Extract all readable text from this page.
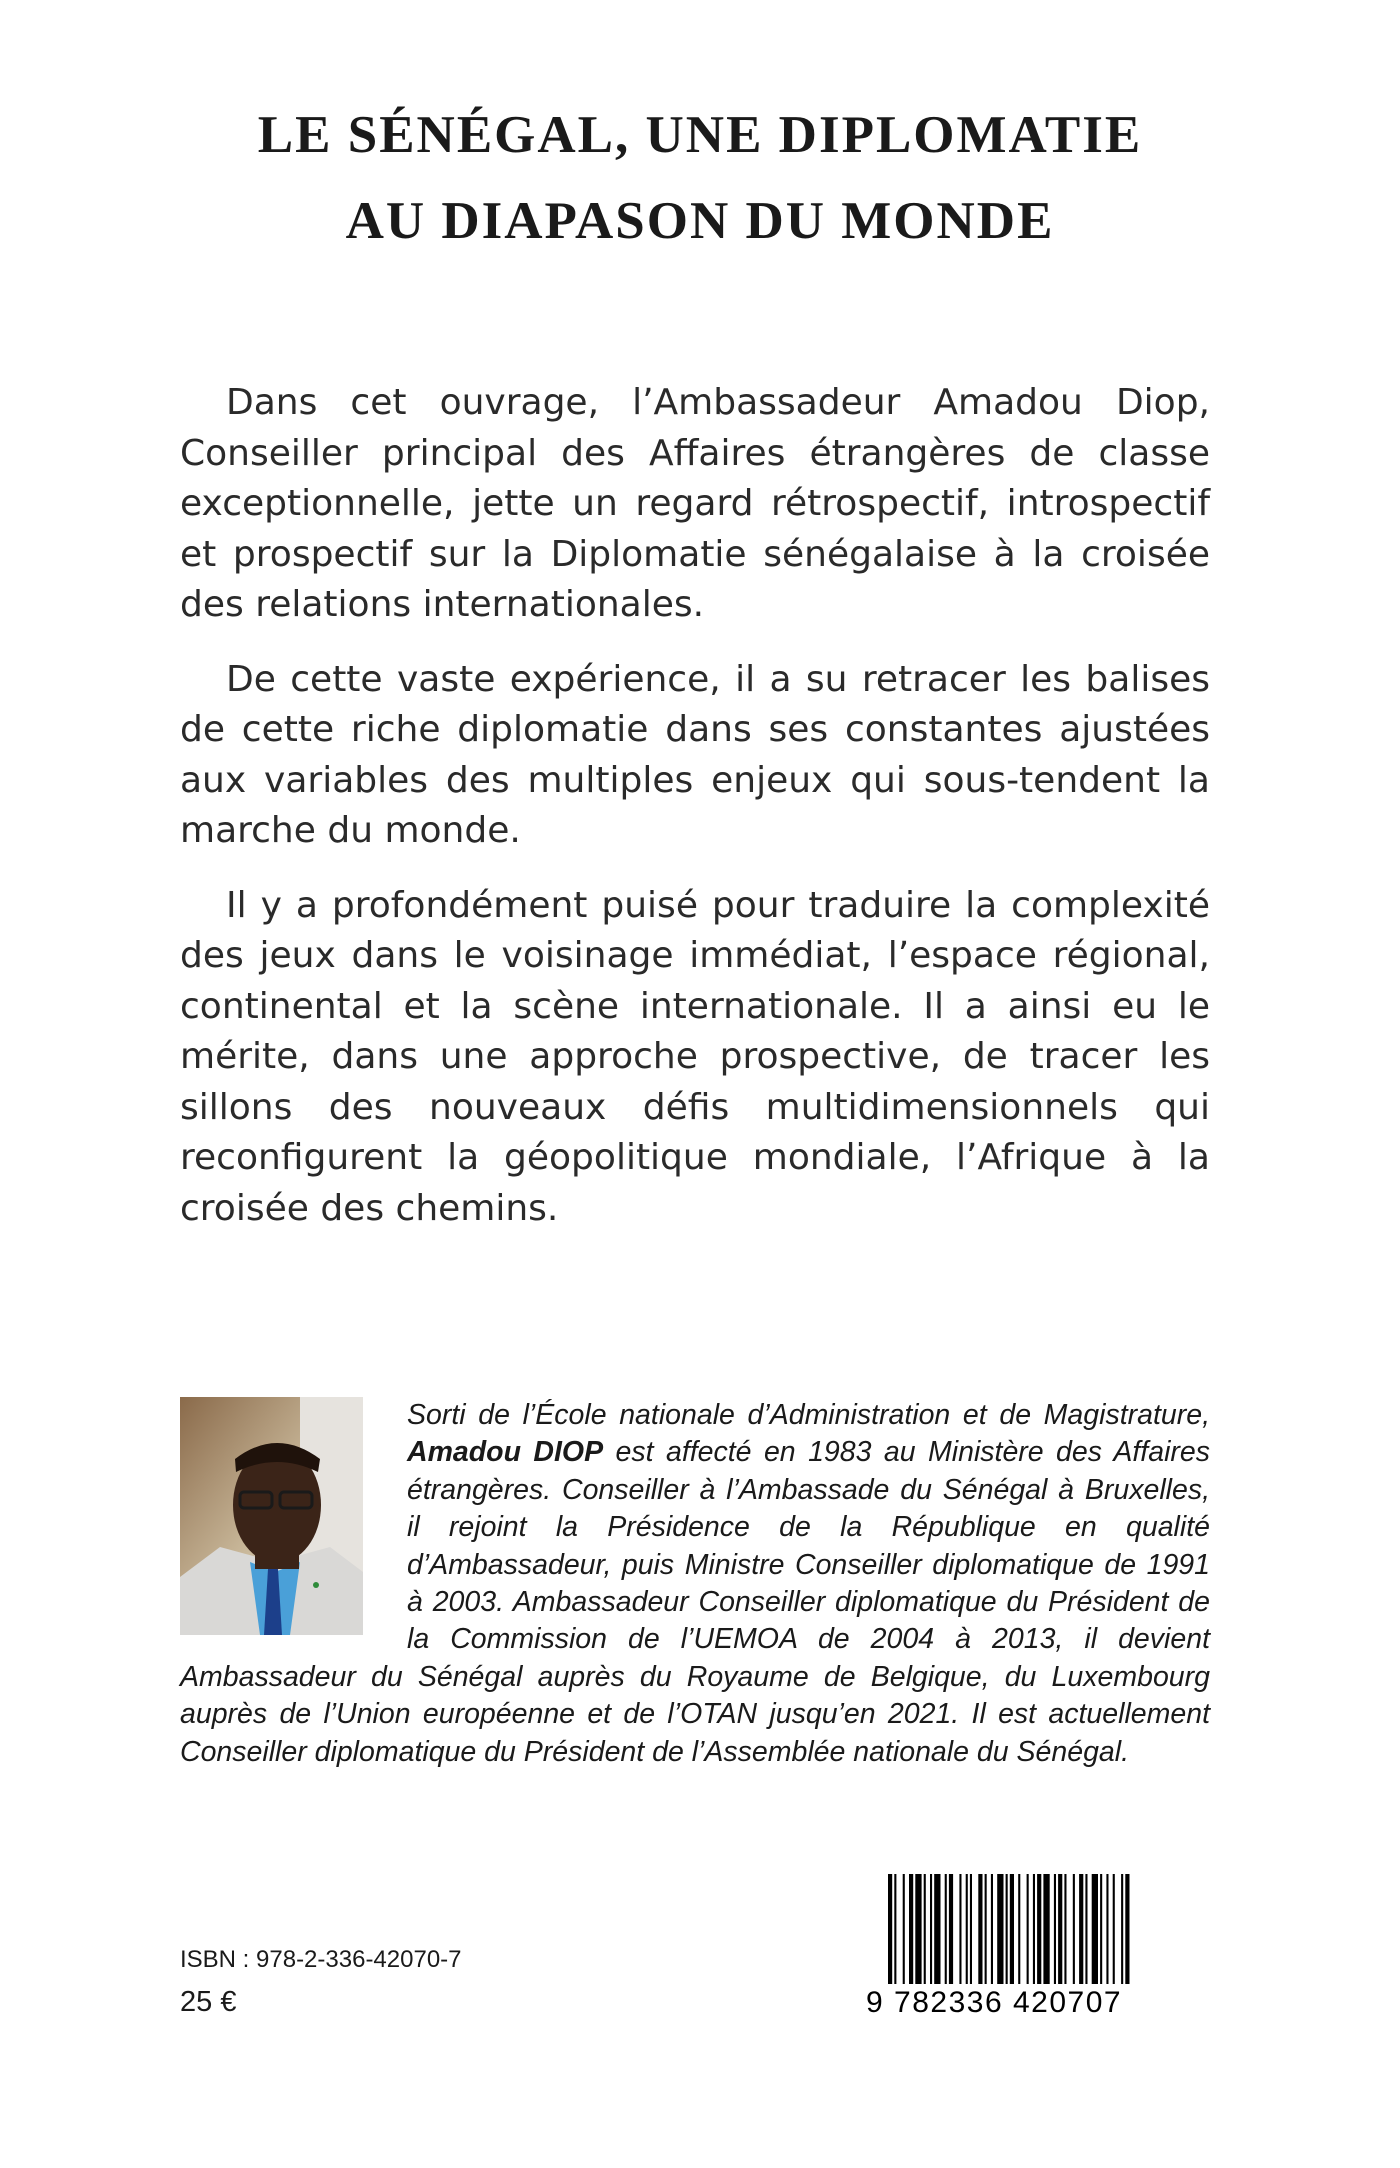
LE SÉNÉGAL, UNE DIPLOMATIE
AU DIAPASON DU MONDE

Dans cet ouvrage, l’Ambassadeur Amadou Diop, Conseiller principal des Affaires étrangères de classe exceptionnelle, jette un regard rétrospectif, introspectif et prospectif sur la Diplomatie sénégalaise à la croisée des relations internationales.

De cette vaste expérience, il a su retracer les balises de cette riche diplomatie dans ses constantes ajustées aux variables des multiples enjeux qui sous-tendent la marche du monde.

Il y a profondément puisé pour traduire la complexité des jeux dans le voisinage immédiat, l’espace régional, continental et la scène internationale. Il a ainsi eu le mérite, dans une approche prospective, de tracer les sillons des nouveaux défis multidimensionnels qui reconfigurent la géopolitique mondiale, l’Afrique à la croisée des chemins.

Sorti de l’École nationale d’Administration et de Magistrature, Amadou DIOP est affecté en 1983 au Ministère des Affaires étrangères. Conseiller à l’Ambassade du Sénégal à Bruxelles, il rejoint la Présidence de la République en qualité d’Ambassadeur, puis Ministre Conseiller diplomatique de 1991 à 2003. Ambassadeur Conseiller diplomatique du Président de la Commission de l’UEMOA de 2004 à 2013, il devient Ambassadeur du Sénégal auprès du Royaume de Belgique, du Luxembourg auprès de l’Union européenne et de l’OTAN jusqu’en 2021. Il est actuellement Conseiller diplomatique du Président de l’Assemblée nationale du Sénégal.
ISBN : 978-2-336-42070-7
25 €	9 782336 420707
